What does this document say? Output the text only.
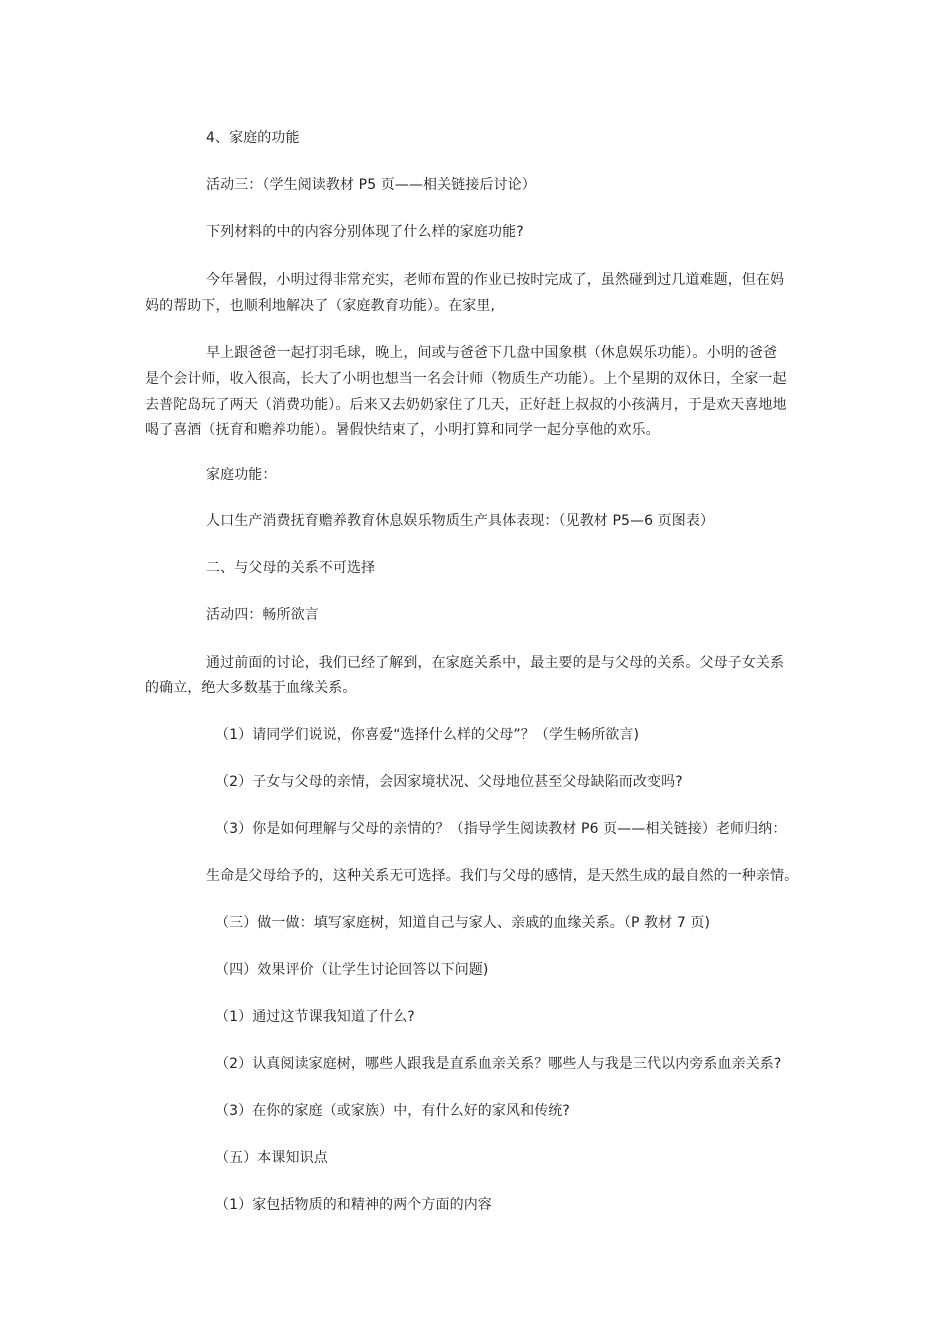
4、家庭的功能

活动三：（学生阅读教材 P5 页——相关链接后讨论）

下列材料的中的内容分别体现了什么样的家庭功能?

今年暑假，小明过得非常充实，老师布置的作业已按时完成了，虽然碰到过几道难题，但在妈

妈的帮助下，也顺利地解决了（家庭教育功能）。在家里,

早上跟爸爸一起打羽毛球，晚上，间或与爸爸下几盘中国象棋（休息娱乐功能）。小明的爸爸

是个会计师，收入很高，长大了小明也想当一名会计师（物质生产功能）。上个星期的双休日，全家一起

去普陀岛玩了两天（消费功能）。后来又去奶奶家住了几天，正好赶上叔叔的小孩满月，于是欢天喜地地

喝了喜酒（抚育和赡养功能）。暑假快结束了，小明打算和同学一起分享他的欢乐。

家庭功能：

人口生产消费抚育赡养教育休息娱乐物质生产具体表现：（见教材 P5—6 页图表）

二、与父母的关系不可选择

活动四：畅所欲言

通过前面的讨论，我们已经了解到，在家庭关系中，最主要的是与父母的关系。父母子女关系

的确立，绝大多数基于血缘关系。

（1）请同学们说说，你喜爱“选择什么样的父母”？（学生畅所欲言)

（2）子女与父母的亲情，会因家境状况、父母地位甚至父母缺陷而改变吗?

（3）你是如何理解与父母的亲情的？（指导学生阅读教材 P6 页——相关链接）老师归纳：

生命是父母给予的，这种关系无可选择。我们与父母的感情，是天然生成的最自然的一种亲情。

（三）做一做：填写家庭树，知道自己与家人、亲戚的血缘关系。（P 教材 7 页)

（四）效果评价（让学生讨论回答以下问题)

（1）通过这节课我知道了什么?

（2）认真阅读家庭树，哪些人跟我是直系血亲关系？哪些人与我是三代以内旁系血亲关系?

（3）在你的家庭（或家族）中，有什么好的家风和传统?

（五）本课知识点

（1）家包括物质的和精神的两个方面的内容
